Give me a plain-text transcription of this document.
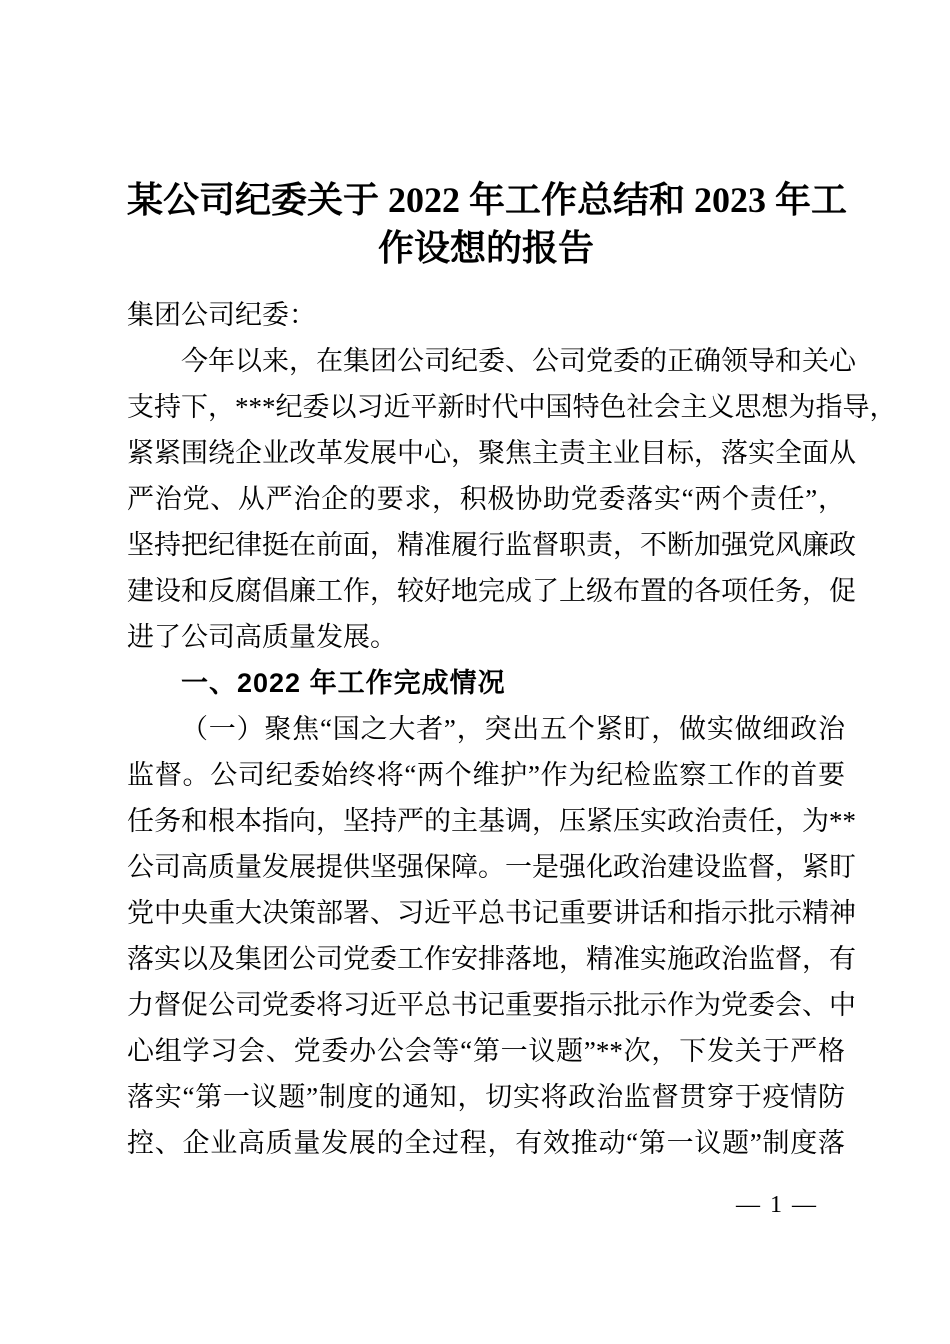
某公司纪委关于 2022 年工作总结和 2023 年工
作设想的报告
集团公司纪委：
今年以来，在集团公司纪委、公司党委的正确领导和关心
支持下，***纪委以习近平新时代中国特色社会主义思想为指导，
紧紧围绕企业改革发展中心，聚焦主责主业目标，落实全面从
严治党、从严治企的要求，积极协助党委落实“两个责任”，
坚持把纪律挺在前面，精准履行监督职责，不断加强党风廉政
建设和反腐倡廉工作，较好地完成了上级布置的各项任务，促
进了公司高质量发展。
一、2022 年工作完成情况
（一）聚焦“国之大者”，突出五个紧盯，做实做细政治
监督。公司纪委始终将“两个维护”作为纪检监察工作的首要
任务和根本指向，坚持严的主基调，压紧压实政治责任，为**
公司高质量发展提供坚强保障。一是强化政治建设监督，紧盯
党中央重大决策部署、习近平总书记重要讲话和指示批示精神
落实以及集团公司党委工作安排落地，精准实施政治监督，有
力督促公司党委将习近平总书记重要指示批示作为党委会、中
心组学习会、党委办公会等“第一议题”**次，下发关于严格
落实“第一议题”制度的通知，切实将政治监督贯穿于疫情防
控、企业高质量发展的全过程，有效推动“第一议题”制度落
— 1 —
